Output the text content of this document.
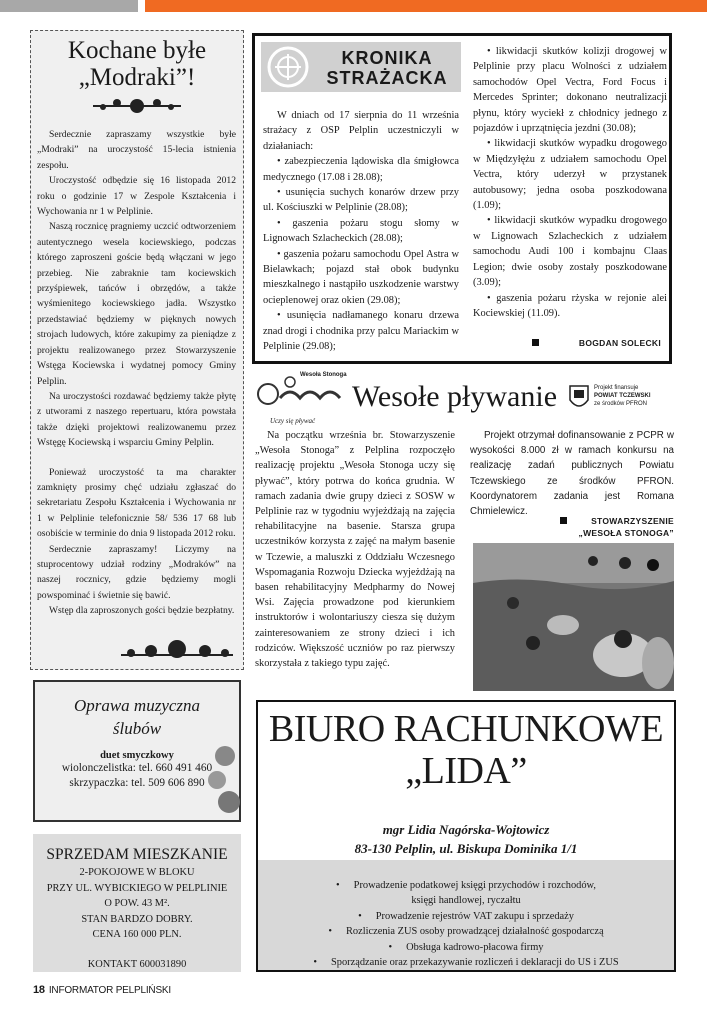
Kochane byłe „Modraki”!

Serdecznie zapraszamy wszystkie byłe „Modraki” na uroczystość 15-lecia istnienia zespołu.

Uroczystość odbędzie się 16 listopada 2012 roku o godzinie 17 w Zespole Kształcenia i Wychowania nr 1 w Pelplinie.

Naszą rocznicę pragniemy uczcić odtworzeniem autentycznego wesela kociewskiego, podczas którego zaproszeni goście będą włączani w jego przebieg. Nie zabraknie tam kociewskich przyśpiewek, tańców i obrzędów, a także wyśmienitego kociewskiego jadła. Wszystko przedstawiać będziemy w pięknych nowych strojach ludowych, które zakupimy za pieniądze z projektu realizowanego przez Stowarzyszenie Wstęga Kociewska i wydatnej pomocy Gminy Pelplin.

Na uroczystości rozdawać będziemy także płytę z utworami z naszego repertuaru, która powstała także dzięki projektowi realizowanemu przez Wstęgę Kociewską i wsparciu Gminy Pelplin.

Ponieważ uroczystość ta ma charakter zamknięty prosimy chęć udziału zgłaszać do sekretariatu Zespołu Kształcenia i Wychowania nr 1 w Pelplinie telefonicznie 58/ 536 17 68 lub osobiście w terminie do dnia 9 listopada 2012 roku.

Serdecznie zapraszamy! Liczymy na stuprocentowy udział rodziny „Modraków” na naszej rocznicy, gdzie będziemy mogli powspominać i świetnie się bawić.

Wstęp dla zaproszonych gości będzie bezpłatny.

KRONIKA STRAŻACKA

W dniach od 17 sierpnia do 11 września strażacy z OSP Pelplin uczestniczyli w działaniach:

• zabezpieczenia lądowiska dla śmigłowca medycznego (17.08 i 28.08);

• usunięcia suchych konarów drzew przy ul. Kościuszki w Pelplinie (28.08);

• gaszenia pożaru stogu słomy w Lignowach Szlacheckich (28.08);

• gaszenia pożaru samochodu Opel Astra w Bielawkach; pojazd stał obok budynku mieszkalnego i nastąpiło uszkodzenie warstwy ocieplenowej oraz okien (29.08);

• usunięcia nadłamanego konaru drzewa znad drogi i chodnika przy palcu Mariackim w Pelplinie (29.08);

• likwidacji skutków kolizji drogowej w Pelplinie przy placu Wolności z udziałem samochodów Opel Vectra, Ford Focus i Mercedes Sprinter; dokonano neutralizacji płynu, który wyciekł z chłodnicy jednego z pojazdów i uprzątnięcia jezdni (30.08);

• likwidacji skutków wypadku drogowego w Międzyłężu z udziałem samochodu Opel Vectra, który uderzył w przystanek autobusowy; jedna osoba poszkodowana (1.09);

• likwidacji skutków wypadku drogowego w Lignowach Szlacheckich z udziałem samochodu Audi 100 i kombajnu Claas Legion; dwie osoby zostały poszkodowane (3.09);

• gaszenia pożaru rżyska w rejonie alei Kociewskiej (11.09).

BOGDAN SOLECKI
Wesoła Stonoga
Uczy się pływać
Wesołe pływanie	Projekt finansuje
POWIAT TCZEWSKI
ze środków PFRON

Na początku września br. Stowarzyszenie „Wesoła Stonoga” z Pelplina rozpoczęło realizację projektu „Wesoła Stonoga uczy się pływać”, który potrwa do końca grudnia. W ramach zadania dwie grupy dzieci z SOSW w Pelplinie raz w tygodniu wyjeżdżają na zajęcia rehabilitacyjne na basenie. Starsza grupa uczestników korzysta z zajęć na małym basenie w Tczewie, a maluszki z Oddziału Wczesnego Wspomagania Rozwoju Dziecka wyjeżdżają na basen rehabilitacyjny Medpharmy do Nowej Wsi. Zajęcia prowadzone pod kierunkiem instruktorów i wolontariuszy ciesza się dużym zainteresowaniem ze strony dzieci i ich rodziców. Większość uczniów po raz pierwszy skorzystała z takiego typu zajęć.

Projekt otrzymał dofinansowanie z PCPR w wysokości 8.000 zł w ramach konkursu na realizację zadań publicznych Powiatu Tczewskiego ze środków PFRON. Koordynatorem zadania jest Romana Chmielewicz.

STOWARZYSZENIE
„WESOŁA STONOGA”
Oprawa muzyczna
ślubów
duet smyczkowy
wiolonczelistka: tel. 660 491 460
skrzypaczka: tel. 509 606 890
SPRZEDAM MIESZKANIE
2-POKOJOWE W BLOKU
PRZY UL. WYBICKIEGO W PELPLINIE
O POW. 43 M².
STAN BARDZO DOBRY.
CENA 160 000 PLN.
KONTAKT 600031890
BIURO RACHUNKOWE
„LIDA”
mgr Lidia Nagórska-Wojtowicz
83-130 Pelplin, ul. Biskupa Dominika 1/1
• Prowadzenie podatkowej księgi przychodów i rozchodów,
księgi handlowej, ryczałtu
• Prowadzenie rejestrów VAT zakupu i sprzedaży
• Rozliczenia ZUS osoby prowadzącej działalność gospodarczą
• Obsługa kadrowo-płacowa firmy
• Sporządzanie oraz przekazywanie rozliczeń i deklaracji do US i ZUS
18 INFORMATOR PELPLIŃSKI
